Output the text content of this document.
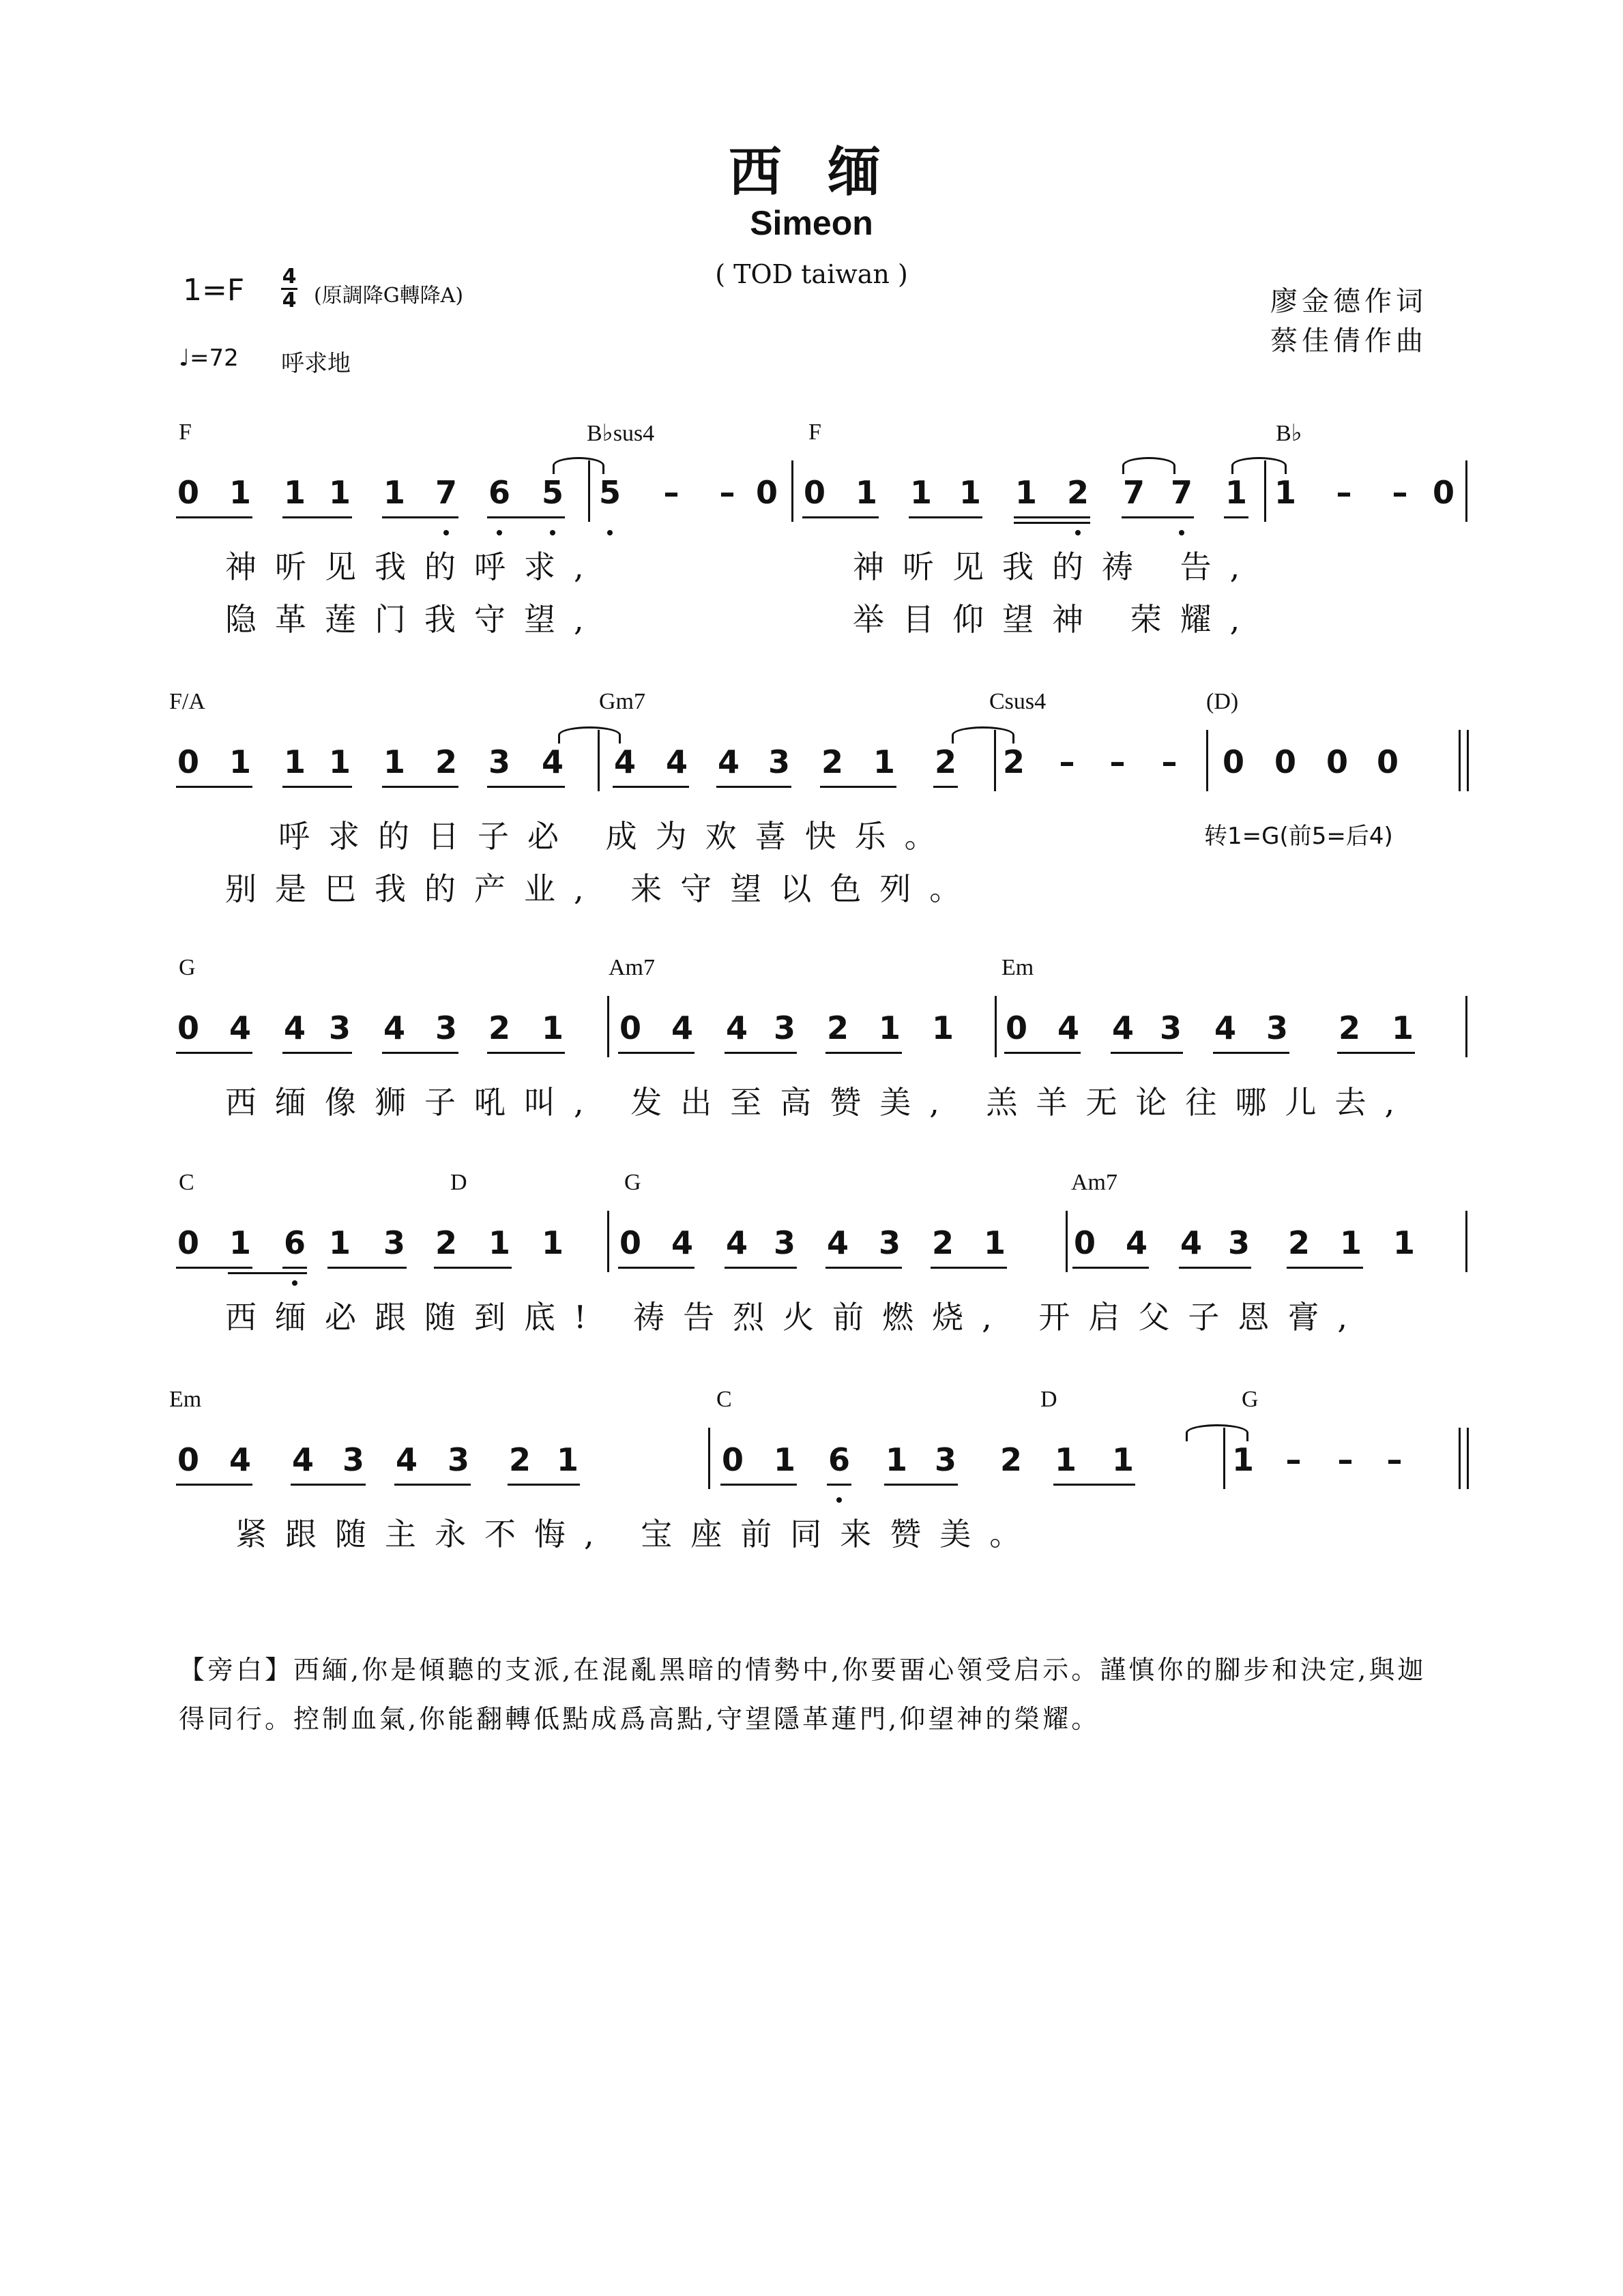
西 缅
Simeon
( TOD taiwan )
1=F 4
4 (原調降G轉降A)
♩=72 呼求地
廖金德作词
蔡佳倩作曲
F	B♭sus4	F	B♭
神听见我的呼求,	神听见我的祷 告,
隐革莲门我守望,	举目仰望神 荣耀,
0 1 1 1 1 7 6 5 5 – – 0 0 1 1 1 1 2 7 7 1 1 – – 0
F/A	Gm7	Csus4	(D)
呼求的日子必 成为欢喜快乐。
别是巴我的产业, 来守望以色列。
转1=G(前5=后4)
0 1 1 1 1 2 3 4 4 4 4 3 2 1 2 2 – – – 0 0 0 0
G	Am7	Em
西缅像狮子吼叫, 发出至高赞美, 羔羊无论往哪儿去,
0 4 4 3 4 3 2 1 0 4 4 3 2 1 1 0 4 4 3 4 3 2 1
C	D	G	Am7
西缅必跟随到底! 祷告烈火前燃烧, 开启父子恩膏,
0 1 6 1 3 2 1 1 0 4 4 3 4 3 2 1 0 4 4 3 2 1 1
Em	C	D	G
紧跟随主永不悔, 宝座前同来赞美。
0 4 4 3 4 3 2 1	0 1 6 1 3 2 1 1	1 – – –
【旁白】西緬,你是傾聽的支派,在混亂黑暗的情勢中,你要畱心領受启示。謹慎你的腳步和決定,與迦得同行。控制血氣,你能翻轉低點成爲高點,守望隱革蓮門,仰望神的榮耀。
